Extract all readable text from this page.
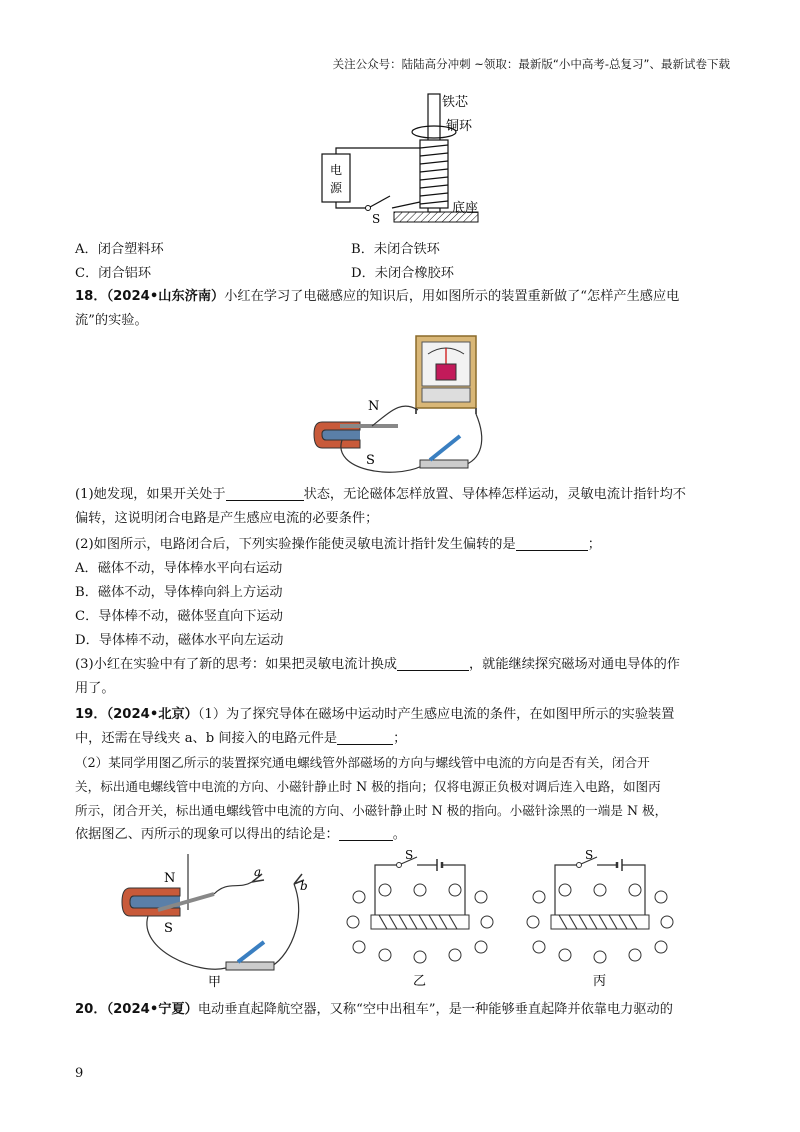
关注公众号：陆陆高分冲刺 ~领取：最新版“小中高考-总复习”、最新试卷下载
铁芯
铜环
电
源
S
底座
A．闭合塑料环	B．未闭合铁环
C．闭合铝环	D．未闭合橡胶环
18．（2024•山东济南）小红在学习了电磁感应的知识后，用如图所示的装置重新做了“怎样产生感应电
流”的实验。
N
S
(1)她发现，如果开关处于	状态，无论磁体怎样放置、导体棒怎样运动，灵敏电流计指针均不
偏转，这说明闭合电路是产生感应电流的必要条件；
(2)如图所示，电路闭合后，下列实验操作能使灵敏电流计指针发生偏转的是	；
A．磁体不动，导体棒水平向右运动
B．磁体不动，导体棒向斜上方运动
C．导体棒不动，磁体竖直向下运动
D．导体棒不动，磁体水平向左运动
(3)小红在实验中有了新的思考：如果把灵敏电流计换成	，就能继续探究磁场对通电导体的作
用了。
19．（2024•北京）（1）为了探究导体在磁场中运动时产生感应电流的条件，在如图甲所示的实验装置
中，还需在导线夹 a、b 间接入的电路元件是	；
（2）某同学用图乙所示的装置探究通电螺线管外部磁场的方向与螺线管中电流的方向是否有关，闭合开
关，标出通电螺线管中电流的方向、小磁针静止时 N 极的指向；仅将电源正负极对调后连入电路，如图丙
所示，闭合开关，标出通电螺线管中电流的方向、小磁针静止时 N 极的指向。小磁针涂黑的一端是 N 极，
依据图乙、丙所示的现象可以得出的结论是：	。
N
S
a
b
甲
S
乙
S
丙
20．（2024•宁夏）电动垂直起降航空器，又称“空中出租车”，是一种能够垂直起降并依靠电力驱动的
9
